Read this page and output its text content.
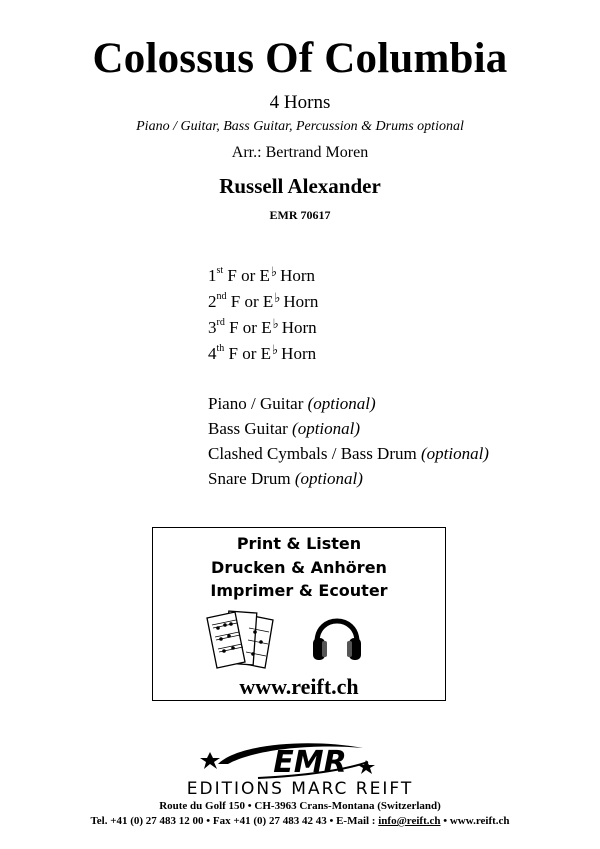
Colossus Of Columbia
4 Horns
Piano / Guitar, Bass Guitar, Percussion & Drums optional
Arr.: Bertrand Moren
Russell Alexander
EMR 70617
1st F or E♭ Horn
2nd F or E♭ Horn
3rd F or E♭ Horn
4th F or E♭ Horn
Piano / Guitar (optional)
Bass Guitar (optional)
Clashed Cymbals / Bass Drum (optional)
Snare Drum (optional)
Print & Listen
Drucken & Anhören
Imprimer & Ecouter
www.reift.ch
EMR
EDITIONS MARC REIFT
Route du Golf 150 • CH-3963 Crans-Montana (Switzerland)
Tel. +41 (0) 27 483 12 00 • Fax +41 (0) 27 483 42 43 • E-Mail : info@reift.ch • www.reift.ch
